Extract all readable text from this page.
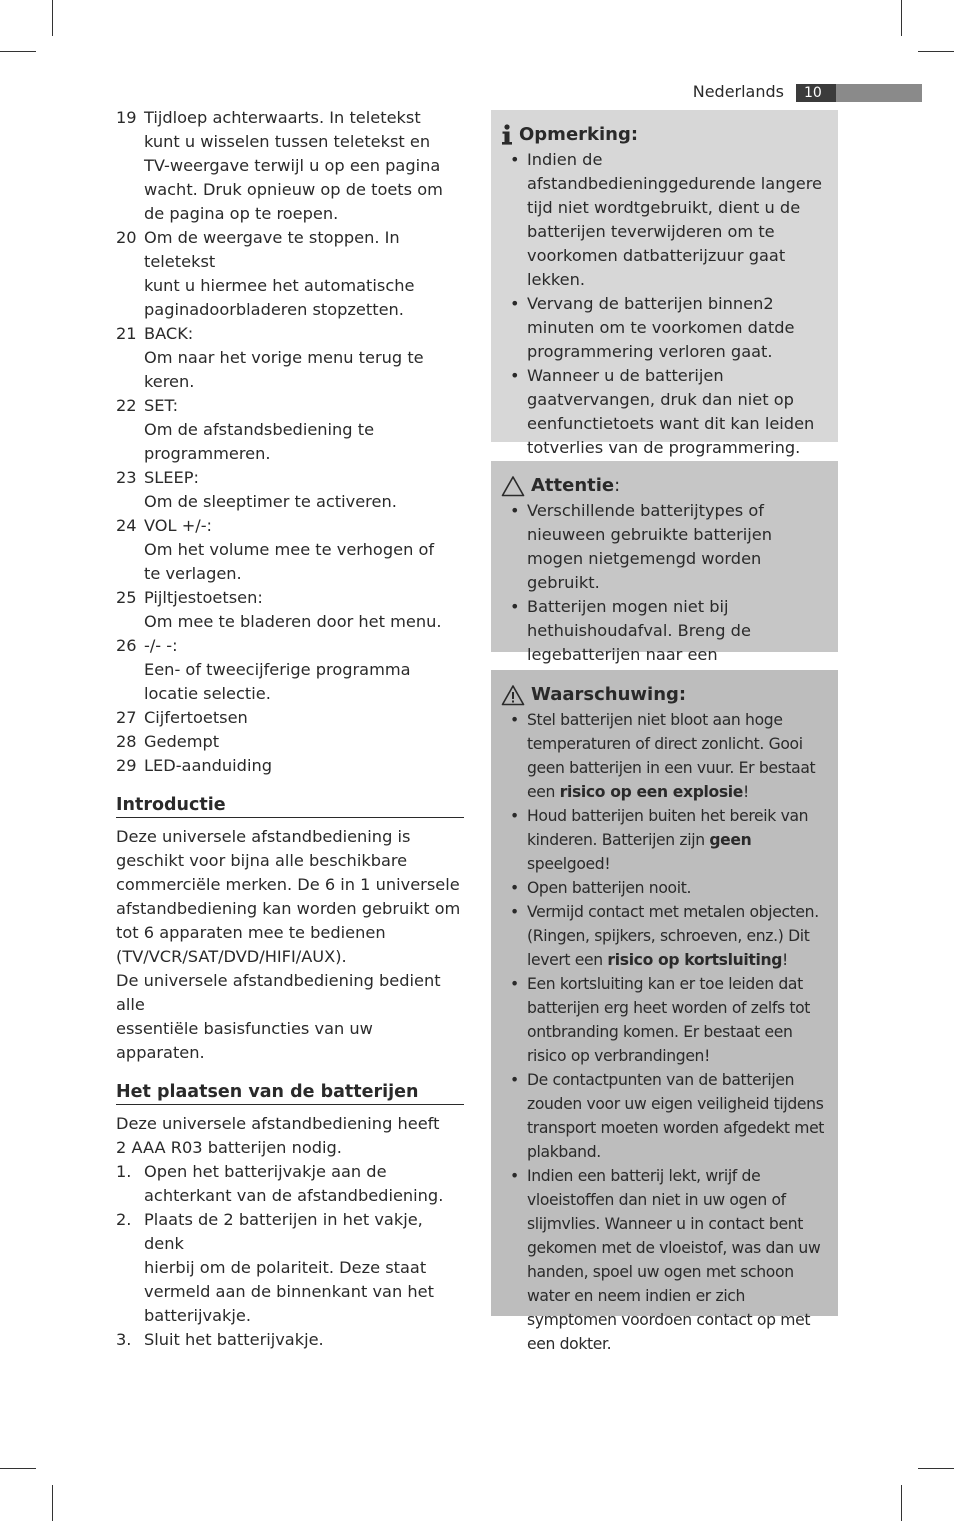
Nederlands	10
19 Tijdloep achterwaarts. In teletekst
kunt u wisselen tussen teletekst en
TV-weergave terwijl u op een pagina
wacht. Druk opnieuw op de toets om
de pagina op te roepen.
20 Om de weergave te stoppen. In teletekst
kunt u hiermee het automatische
paginadoorbladeren stopzetten.
21 BACK:
Om naar het vorige menu terug te
keren.
22 SET:
Om de afstandsbediening te
programmeren.
23 SLEEP:
Om de sleeptimer te activeren.
24 VOL +/-:
Om het volume mee te verhogen of
te verlagen.
25 Pijltjestoetsen:
Om mee te bladeren door het menu.
26 -/- -:
Een- of tweecijferige programma
locatie selectie.
27 Cijfertoetsen
28 Gedempt
29 LED-aanduiding
Introductie
Deze universele afstandbediening is
geschikt voor bijna alle beschikbare
commerciële merken. De 6 in 1 universele
afstandbediening kan worden gebruikt om
tot 6 apparaten mee te bedienen
(TV/VCR/SAT/DVD/HIFI/AUX).
De universele afstandbediening bedient alle
essentiële basisfuncties van uw apparaten.
Het plaatsen van de batterijen
Deze universele afstandbediening heeft
2 AAA R03 batterijen nodig.
1. Open het batterijvakje aan de
achterkant van de afstandbediening.
2. Plaats de 2 batterijen in het vakje, denk
hierbij om de polariteit. Deze staat
vermeld aan de binnenkant van het
batterijvakje.
3. Sluit het batterijvakje.
Opmerking:
• Indien de afstandbedieninggedurende langere tijd niet wordtgebruikt, dient u de batterijen teverwijderen om te voorkomen datbatterijzuur gaat lekken.
• Vervang de batterijen binnen2 minuten om te voorkomen datde programmering verloren gaat.
• Wanneer u de batterijen gaatvervangen, druk dan niet op eenfunctietoets want dit kan leiden totverlies van de programmering.
Attentie :
• Verschillende batterijtypes of nieuween gebruikte batterijen mogen nietgemengd worden gebruikt.
• Batterijen mogen niet bij hethuishoudafval. Breng de legebatterijen naar een
Waarschuwing:
• Stel batterijen niet bloot aan hoge temperaturen of direct zonlicht. Gooi geen batterijen in een vuur. Er bestaat een risico op een explosie!
• Houd batterijen buiten het bereik van kinderen. Batterijen zijn geen speelgoed!
• Open batterijen nooit.
• Vermijd contact met metalen objecten. (Ringen, spijkers, schroeven, enz.) Dit levert een risico op kortsluiting!
• Een kortsluiting kan er toe leiden dat batterijen erg heet worden of zelfs tot ontbranding komen. Er bestaat een risico op verbrandingen!
• De contactpunten van de batterijen zouden voor uw eigen veiligheid tijdens transport moeten worden afgedekt met plakband.
• Indien een batterij lekt, wrijf de vloeistoffen dan niet in uw ogen of slijmvlies. Wanneer u in contact bent gekomen met de vloeistof, was dan uw handen, spoel uw ogen met schoon water en neem indien er zich symptomen voordoen contact op met een dokter.
